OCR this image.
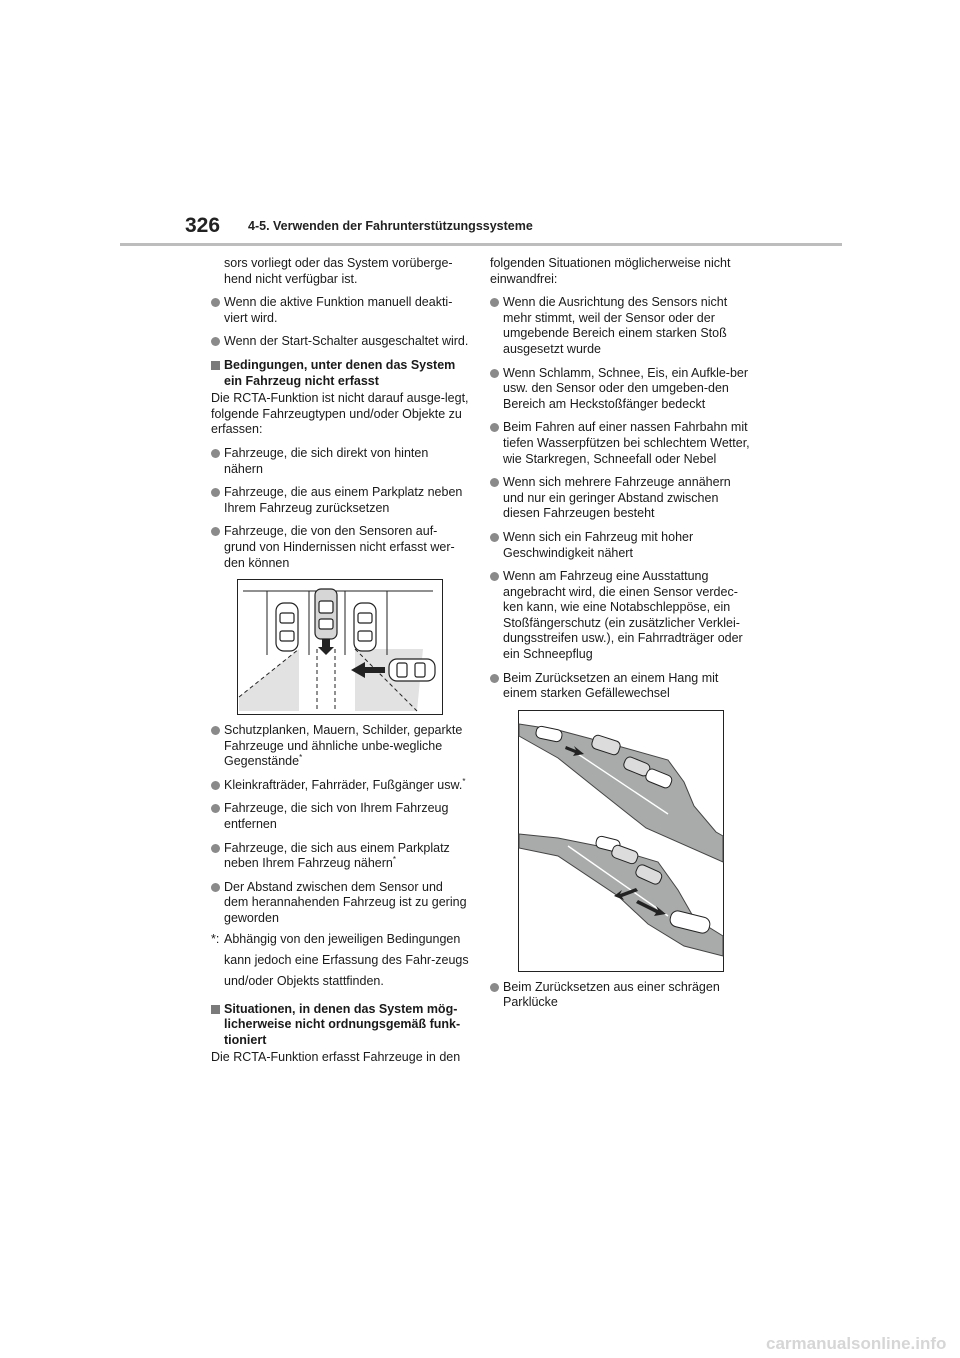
326 4-5. Verwenden der Fahrunterstützungssysteme

sors vorliegt oder das System vorüberge-hend nicht verfügbar ist.

Wenn die aktive Funktion manuell deakti-viert wird.
Wenn der Start-Schalter ausgeschaltet wird.
Bedingungen, unter denen das System ein Fahrzeug nicht erfasst

Die RCTA-Funktion ist nicht darauf ausge-legt, folgende Fahrzeugtypen und/oder Objekte zu erfassen:

Fahrzeuge, die sich direkt von hinten nähern
Fahrzeuge, die aus einem Parkplatz neben Ihrem Fahrzeug zurücksetzen
Fahrzeuge, die von den Sensoren auf-grund von Hindernissen nicht erfasst wer-den können
Schutzplanken, Mauern, Schilder, geparkte Fahrzeuge und ähnliche unbe-wegliche Gegenstände*
Kleinkrafträder, Fahrräder, Fußgänger usw.*
Fahrzeuge, die sich von Ihrem Fahrzeug entfernen
Fahrzeuge, die sich aus einem Parkplatz neben Ihrem Fahrzeug nähern*
Der Abstand zwischen dem Sensor und dem herannahenden Fahrzeug ist zu gering geworden
*: Abhängig von den jeweiligen Bedingungen kann jedoch eine Erfassung des Fahr-zeugs und/oder Objekts stattfinden.
Situationen, in denen das System mög-licherweise nicht ordnungsgemäß funk-tioniert

Die RCTA-Funktion erfasst Fahrzeuge in den

folgenden Situationen möglicherweise nicht einwandfrei:

Wenn die Ausrichtung des Sensors nicht mehr stimmt, weil der Sensor oder der umgebende Bereich einem starken Stoß ausgesetzt wurde
Wenn Schlamm, Schnee, Eis, ein Aufkle-ber usw. den Sensor oder den umgeben-den Bereich am Heckstoßfänger bedeckt
Beim Fahren auf einer nassen Fahrbahn mit tiefen Wasserpfützen bei schlechtem Wetter, wie Starkregen, Schneefall oder Nebel
Wenn sich mehrere Fahrzeuge annähern und nur ein geringer Abstand zwischen diesen Fahrzeugen besteht
Wenn sich ein Fahrzeug mit hoher Geschwindigkeit nähert
Wenn am Fahrzeug eine Ausstattung angebracht wird, die einen Sensor verdec-ken kann, wie eine Notabschleppöse, ein Stoßfängerschutz (ein zusätzlicher Verklei-dungsstreifen usw.), ein Fahrradträger oder ein Schneepflug
Beim Zurücksetzen an einem Hang mit einem starken Gefällewechsel
Beim Zurücksetzen aus einer schrägen Parklücke
carmanualsonline.info
